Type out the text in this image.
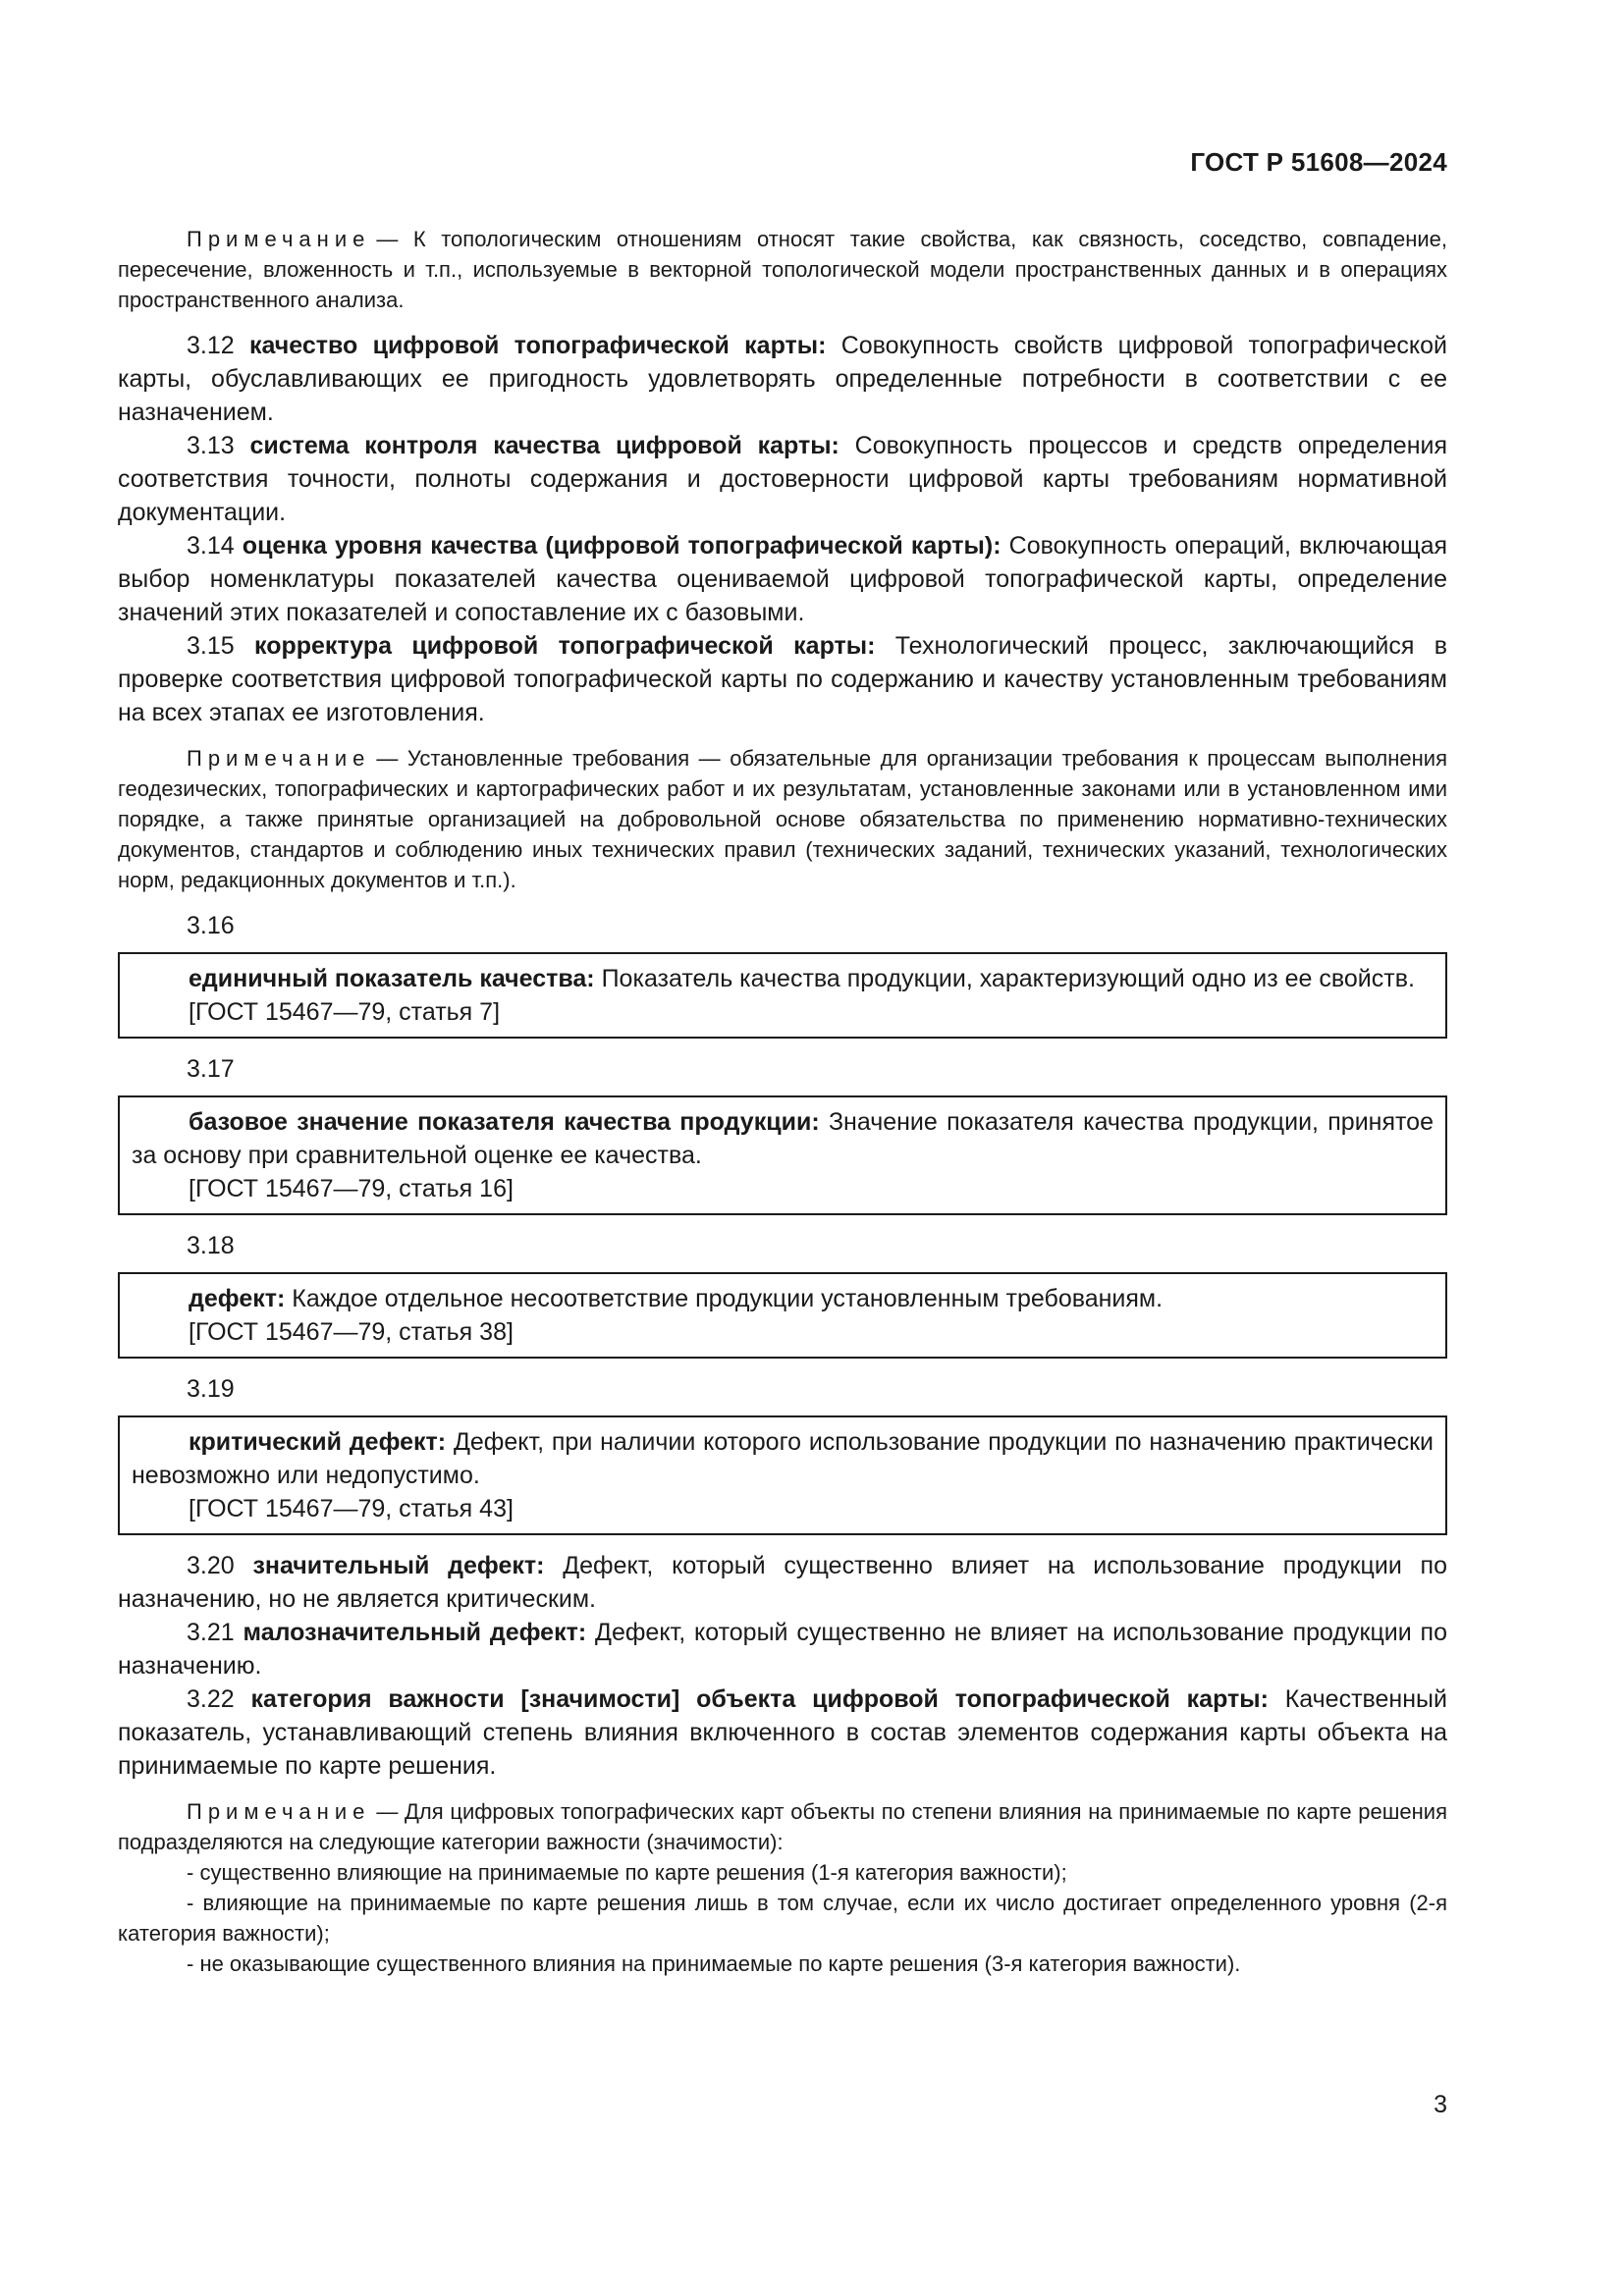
ГОСТ Р 51608—2024

Примечание — К топологическим отношениям относят такие свойства, как связность, соседство, совпадение, пересечение, вложенность и т.п., используемые в векторной топологической модели пространственных данных и в операциях пространственного анализа.

3.12 качество цифровой топографической карты: Совокупность свойств цифровой топографической карты, обуславливающих ее пригодность удовлетворять определенные потребности в соответствии с ее назначением.

3.13 система контроля качества цифровой карты: Совокупность процессов и средств определения соответствия точности, полноты содержания и достоверности цифровой карты требованиям нормативной документации.

3.14 оценка уровня качества (цифровой топографической карты): Совокупность операций, включающая выбор номенклатуры показателей качества оцениваемой цифровой топографической карты, определение значений этих показателей и сопоставление их с базовыми.

3.15 корректура цифровой топографической карты: Технологический процесс, заключающийся в проверке соответствия цифровой топографической карты по содержанию и качеству установленным требованиям на всех этапах ее изготовления.

Примечание — Установленные требования — обязательные для организации требования к процессам выполнения геодезических, топографических и картографических работ и их результатам, установленные законами или в установленном ими порядке, а также принятые организацией на добровольной основе обязательства по применению нормативно-технических документов, стандартов и соблюдению иных технических правил (технических заданий, технических указаний, технологических норм, редакционных документов и т.п.).

3.16

единичный показатель качества: Показатель качества продукции, характеризующий одно из ее свойств.

[ГОСТ 15467—79, статья 7]

3.17

базовое значение показателя качества продукции: Значение показателя качества продукции, принятое за основу при сравнительной оценке ее качества.

[ГОСТ 15467—79, статья 16]

3.18

дефект: Каждое отдельное несоответствие продукции установленным требованиям.

[ГОСТ 15467—79, статья 38]

3.19

критический дефект: Дефект, при наличии которого использование продукции по назначению практически невозможно или недопустимо.

[ГОСТ 15467—79, статья 43]

3.20 значительный дефект: Дефект, который существенно влияет на использование продукции по назначению, но не является критическим.

3.21 малозначительный дефект: Дефект, который существенно не влияет на использование продукции по назначению.

3.22 категория важности [значимости] объекта цифровой топографической карты: Качественный показатель, устанавливающий степень влияния включенного в состав элементов содержания карты объекта на принимаемые по карте решения.

Примечание — Для цифровых топографических карт объекты по степени влияния на принимаемые по карте решения подразделяются на следующие категории важности (значимости):

- существенно влияющие на принимаемые по карте решения (1-я категория важности);

- влияющие на принимаемые по карте решения лишь в том случае, если их число достигает определенного уровня (2-я категория важности);

- не оказывающие существенного влияния на принимаемые по карте решения (3-я категория важности).

3
